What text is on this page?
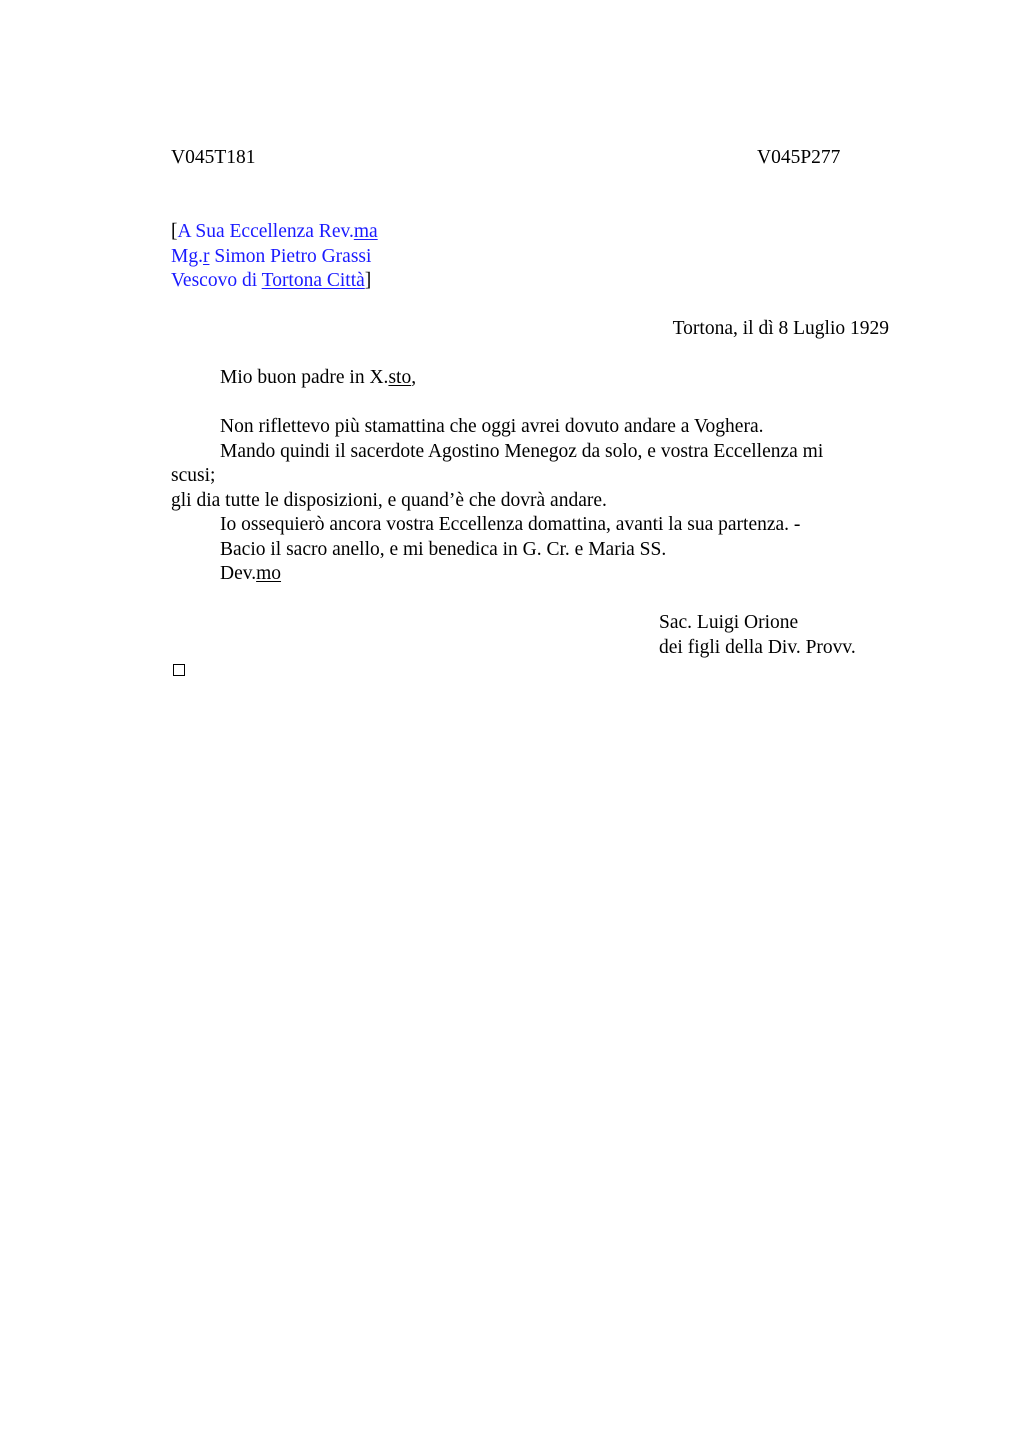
V045T181	V045P277
[A Sua Eccellenza Rev.ma
Mg.r Simon Pietro Grassi
Vescovo di Tortona Città]
Tortona, il dì 8 Luglio 1929
Mio buon padre in X.sto,
Non riflettevo più stamattina che oggi avrei dovuto andare a Voghera.
Mando quindi il sacerdote Agostino Menegoz da solo, e vostra Eccellenza mi
scusi;
gli dia tutte le disposizioni, e quand’è che dovrà andare.
Io ossequierò ancora vostra Eccellenza domattina, avanti la sua partenza. -
Bacio il sacro anello, e mi benedica in G. Cr. e Maria SS.
Dev.mo
Sac. Luigi Orione
dei figli della Div. Provv.
